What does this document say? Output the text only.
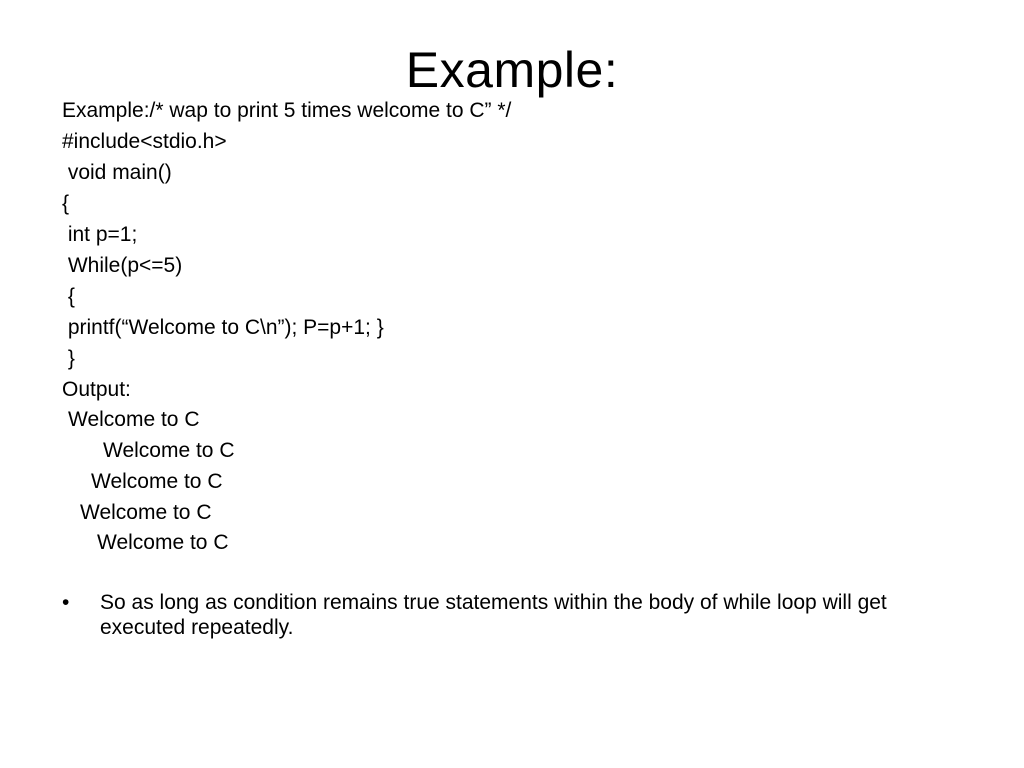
Example:
Example:/* wap to print 5 times welcome to C” */
#include<stdio.h>
void main()
{
int p=1;
While(p<=5)
{
printf(“Welcome to C\n”); P=p+1; }
}
Output:
Welcome to C
Welcome to C
Welcome to C
Welcome to C
Welcome to C
•	So as long as condition remains true statements within the body of while loop will get executed repeatedly.
